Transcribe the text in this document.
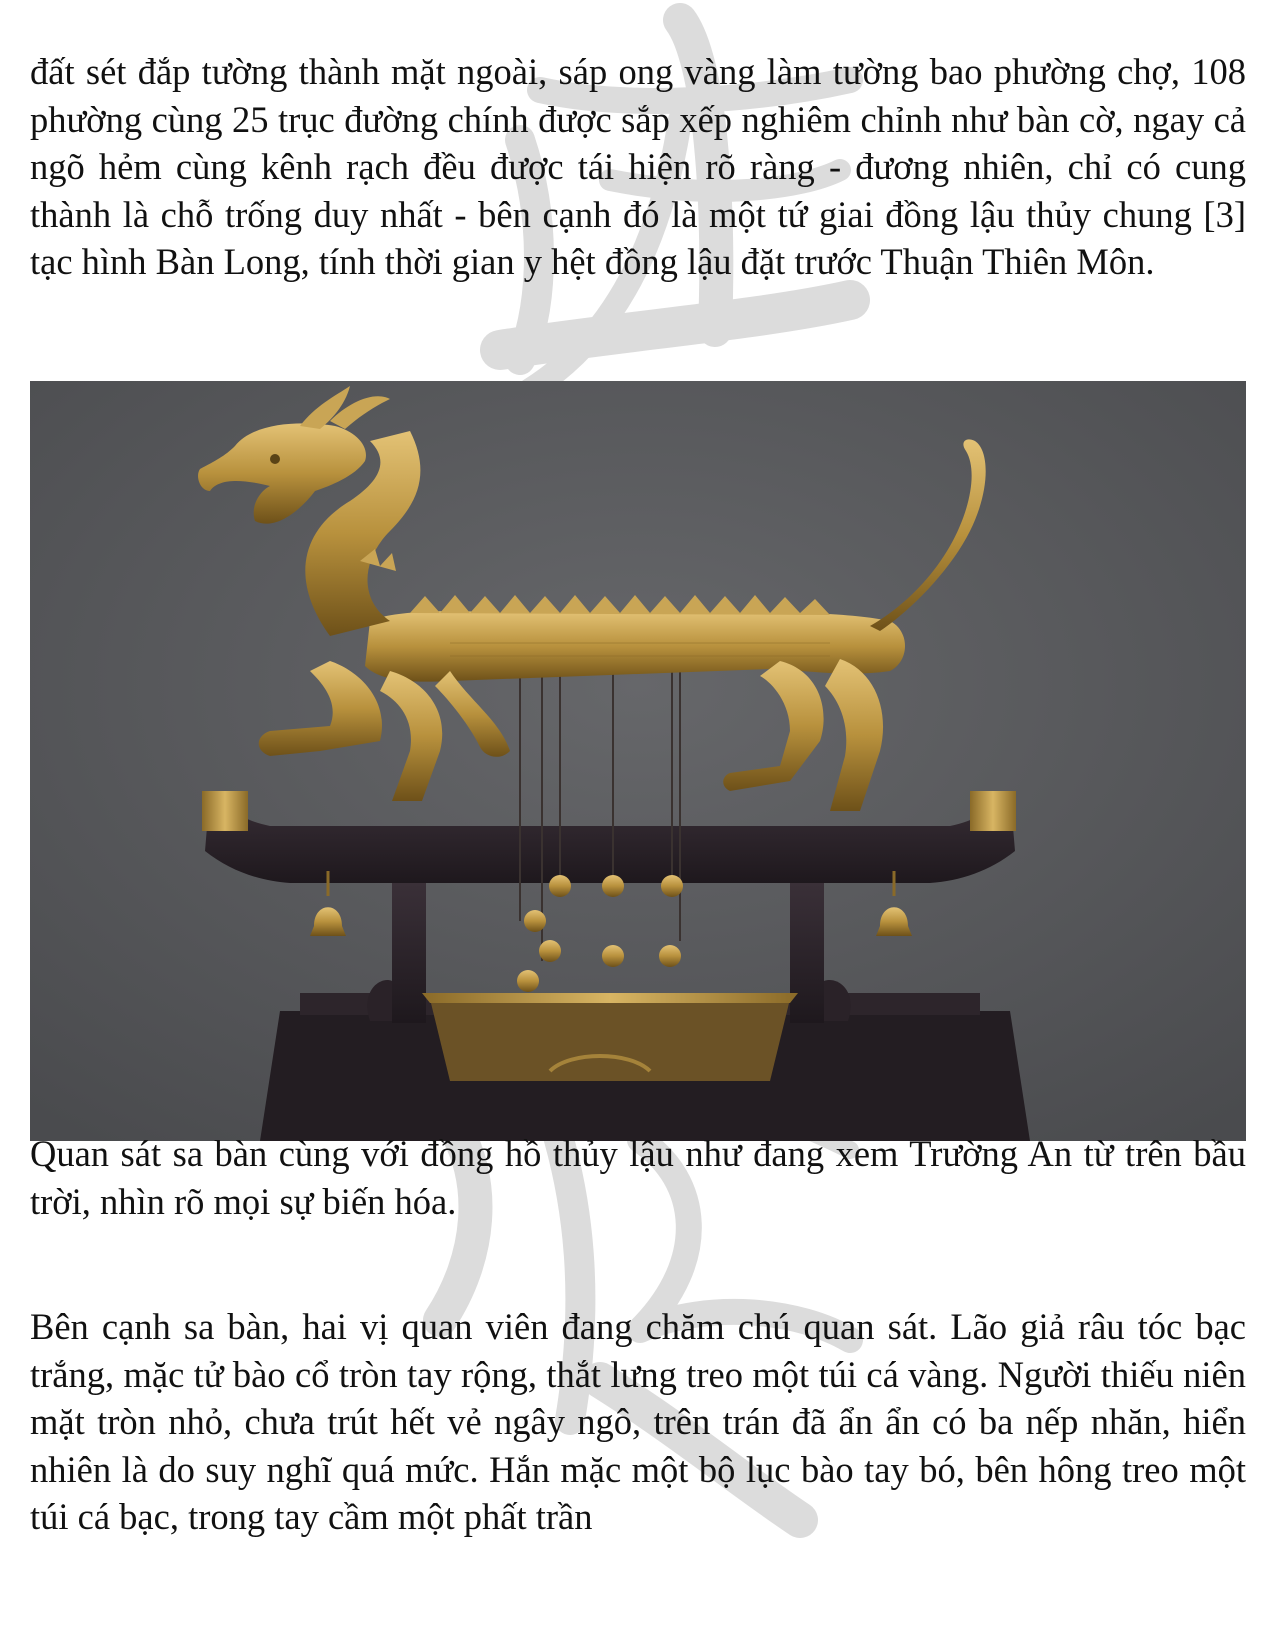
đất sét đắp tường thành mặt ngoài, sáp ong vàng làm tường bao phường chợ, 108 phường cùng 25 trục đường chính được sắp xếp nghiêm chỉnh như bàn cờ, ngay cả ngõ hẻm cùng kênh rạch đều được tái hiện rõ ràng - đương nhiên, chỉ có cung thành là chỗ trống duy nhất - bên cạnh đó là một tứ giai đồng lậu thủy chung [3] tạc hình Bàn Long, tính thời gian y hệt đồng lậu đặt trước Thuận Thiên Môn.

Quan sát sa bàn cùng với đồng hồ thủy lậu như đang xem Trường An từ trên bầu trời, nhìn rõ mọi sự biến hóa.

Bên cạnh sa bàn, hai vị quan viên đang chăm chú quan sát. Lão giả râu tóc bạc trắng, mặc tử bào cổ tròn tay rộng, thắt lưng treo một túi cá vàng. Người thiếu niên mặt tròn nhỏ, chưa trút hết vẻ ngây ngô, trên trán đã ẩn ẩn có ba nếp nhăn, hiển nhiên là do suy nghĩ quá mức. Hắn mặc một bộ lục bào tay bó, bên hông treo một túi cá bạc, trong tay cầm một phất trần
